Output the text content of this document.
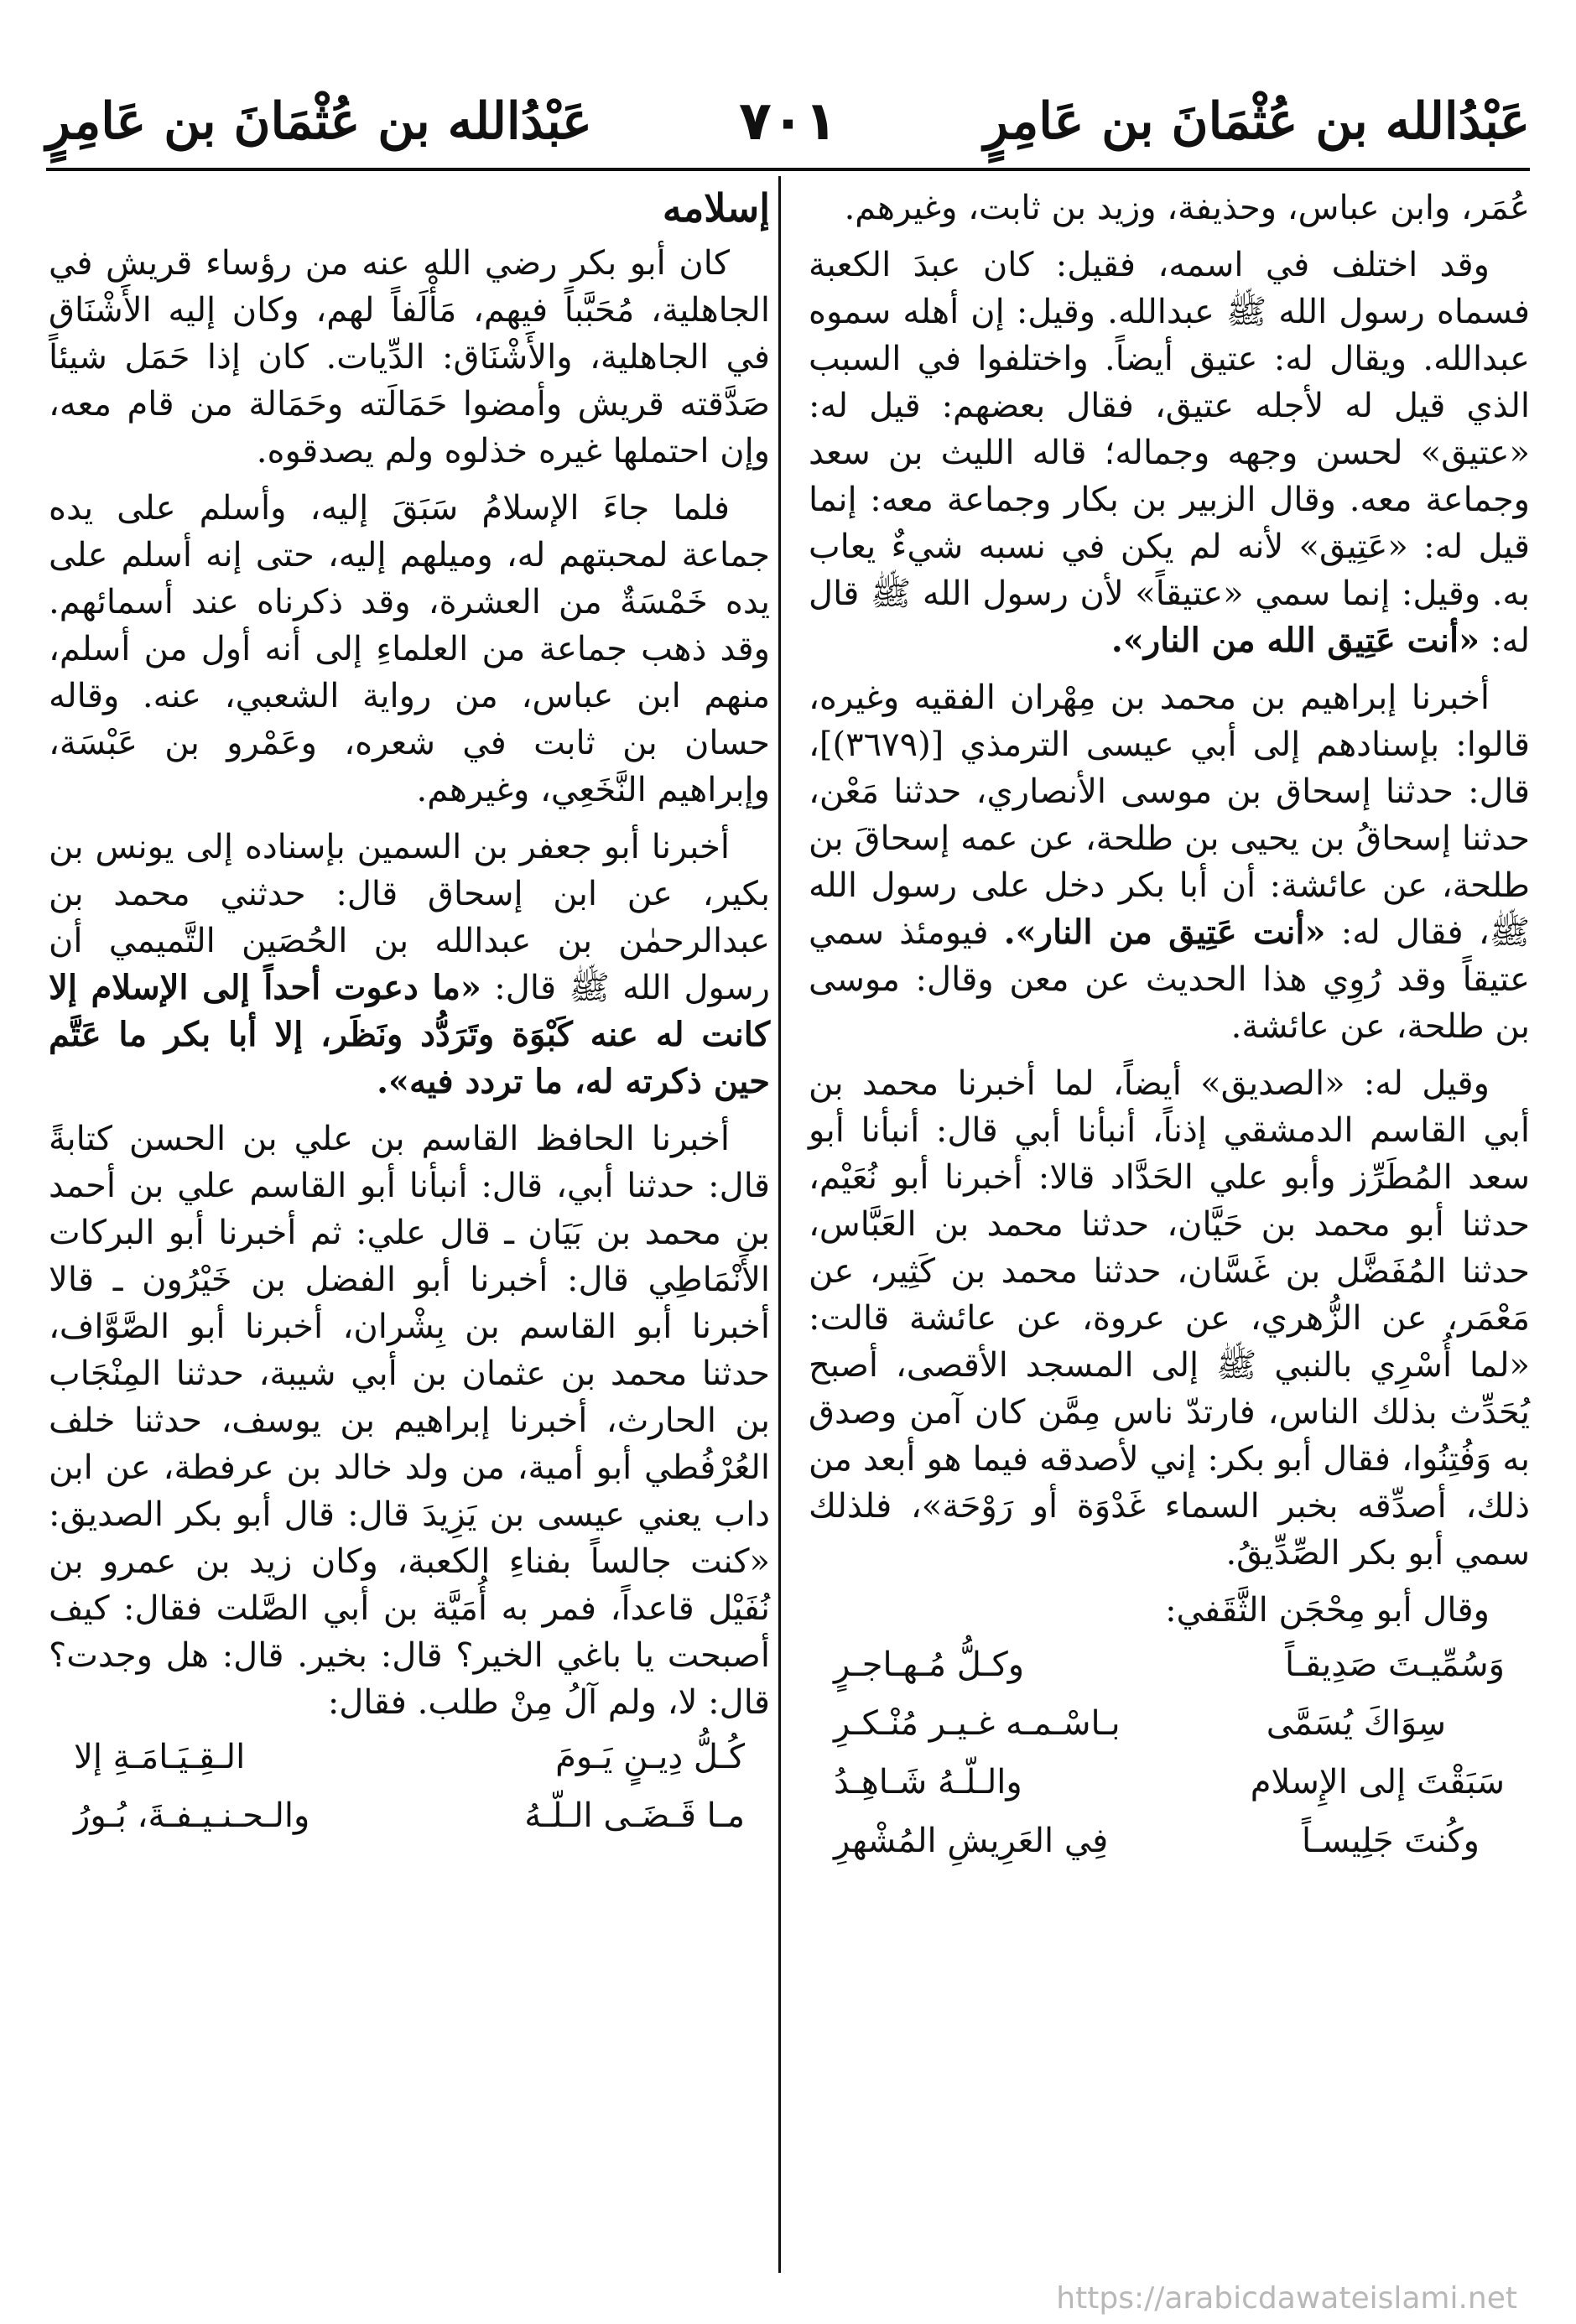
عَبْدُالله بن عُثْمَانَ بن عَامِرٍ
٧٠١
عَبْدُالله بن عُثْمَانَ بن عَامِرٍ

عُمَر، وابن عباس، وحذيفة، وزيد بن ثابت، وغيرهم.

وقد اختلف في اسمه، فقيل: كان عبدَ الكعبة فسماه رسول الله ﷺ عبدالله. وقيل: إن أهله سموه عبدالله. ويقال له: عتيق أيضاً. واختلفوا في السبب الذي قيل له لأجله عتيق، فقال بعضهم: قيل له: «عتيق» لحسن وجهه وجماله؛ قاله الليث بن سعد وجماعة معه. وقال الزبير بن بكار وجماعة معه: إنما قيل له: «عَتِيق» لأنه لم يكن في نسبه شيءٌ يعاب به. وقيل: إنما سمي «عتيقاً» لأن رسول الله ﷺ قال له: «أنت عَتِيق الله من النار».

أخبرنا إبراهيم بن محمد بن مِهْران الفقيه وغيره، قالوا: بإسنادهم إلى أبي عيسى الترمذي [(٣٦٧٩)]، قال: حدثنا إسحاق بن موسى الأنصاري، حدثنا مَعْن، حدثنا إسحاقُ بن يحيى بن طلحة، عن عمه إسحاقَ بن طلحة، عن عائشة: أن أبا بكر دخل على رسول الله ﷺ، فقال له: «أنت عَتِيق من النار». فيومئذ سمي عتيقاً وقد رُوِي هذا الحديث عن معن وقال: موسى بن طلحة، عن عائشة.

وقيل له: «الصديق» أيضاً، لما أخبرنا محمد بن أبي القاسم الدمشقي إذناً، أنبأنا أبي قال: أنبأنا أبو سعد المُطَرِّز وأبو علي الحَدَّاد قالا: أخبرنا أبو نُعَيْم، حدثنا أبو محمد بن حَيَّان، حدثنا محمد بن العَبَّاس، حدثنا المُفَضَّل بن غَسَّان، حدثنا محمد بن كَثِير، عن مَعْمَر، عن الزُّهري، عن عروة، عن عائشة قالت: «لما أُسْرِي بالنبي ﷺ إلى المسجد الأقصى، أصبح يُحَدِّث بذلك الناس، فارتدّ ناس مِمَّن كان آمن وصدق به وَفُتِنُوا، فقال أبو بكر: إني لأصدقه فيما هو أبعد من ذلك، أصدِّقه بخبر السماء غَدْوَة أو رَوْحَة»، فلذلك سمي أبو بكر الصِّدِّيقُ.

وقال أبو مِحْجَن الثَّقَفي:

وَسُمِّيـتَ صَدِيقـاً
وكـلُّ مُـهـاجـرٍ
سِوَاكَ يُسَمَّى
بـاسْـمـه غـيـر مُنْـكـرِ
سَبَقْتَ إلى الإِسلام
والـلّـهُ شَـاهِـدُ
وكُنتَ جَلِيسـاً
فِي العَرِيشِ المُشْهرِ
إسلامه

كان أبو بكر رضي الله عنه من رؤساء قريش في الجاهلية، مُحَبَّباً فيهم، مَأْلَفاً لهم، وكان إليه الأَشْنَاق في الجاهلية، والأَشْنَاق: الدِّيات. كان إذا حَمَل شيئاً صَدَّقته قريش وأمضوا حَمَالَته وحَمَالة من قام معه، وإن احتملها غيره خذلوه ولم يصدقوه.

فلما جاءَ الإسلامُ سَبَقَ إليه، وأسلم على يده جماعة لمحبتهم له، وميلهم إليه، حتى إنه أسلم على يده خَمْسَةٌ من العشرة، وقد ذكرناه عند أسمائهم. وقد ذهب جماعة من العلماءِ إلى أنه أول من أسلم، منهم ابن عباس، من رواية الشعبي، عنه. وقاله حسان بن ثابت في شعره، وعَمْرو بن عَبْسَة، وإبراهيم النَّخَعِي، وغيرهم.

أخبرنا أبو جعفر بن السمين بإسناده إلى يونس بن بكير، عن ابن إسحاق قال: حدثني محمد بن عبدالرحمٰن بن عبدالله بن الحُصَين التَّميمي أن رسول الله ﷺ قال: «ما دعوت أحداً إلى الإسلام إلا كانت له عنه كَبْوَة وتَرَدُّد ونَظَر، إلا أبا بكر ما عَتَّم حين ذكرته له، ما تردد فيه».

أخبرنا الحافظ القاسم بن علي بن الحسن كتابةً قال: حدثنا أبي، قال: أنبأنا أبو القاسم علي بن أحمد بن محمد بن بَيَان ـ قال علي: ثم أخبرنا أبو البركات الأَنْمَاطِي قال: أخبرنا أبو الفضل بن خَيْرُون ـ قالا أخبرنا أبو القاسم بن بِشْران، أخبرنا أبو الصَّوَّاف، حدثنا محمد بن عثمان بن أبي شيبة، حدثنا المِنْجَاب بن الحارث، أخبرنا إبراهيم بن يوسف، حدثنا خلف العُرْفُطي أبو أمية، من ولد خالد بن عرفطة، عن ابن داب يعني عيسى بن يَزِيدَ قال: قال أبو بكر الصديق: «كنت جالساً بفناءِ الكعبة، وكان زيد بن عمرو بن نُفَيْل قاعداً، فمر به أُمَيَّة بن أبي الصَّلت فقال: كيف أصبحت يا باغي الخير؟ قال: بخير. قال: هل وجدت؟ قال: لا، ولم آلُ مِنْ طلب. فقال:

كُـلُّ دِيـنٍ يَـومَ
الـقِـيَـامَـةِ إلا
مـا قَـضَـى الـلّـهُ
والـحـنـيـفـةَ، بُـورُ
https://arabicdawateislami.net
